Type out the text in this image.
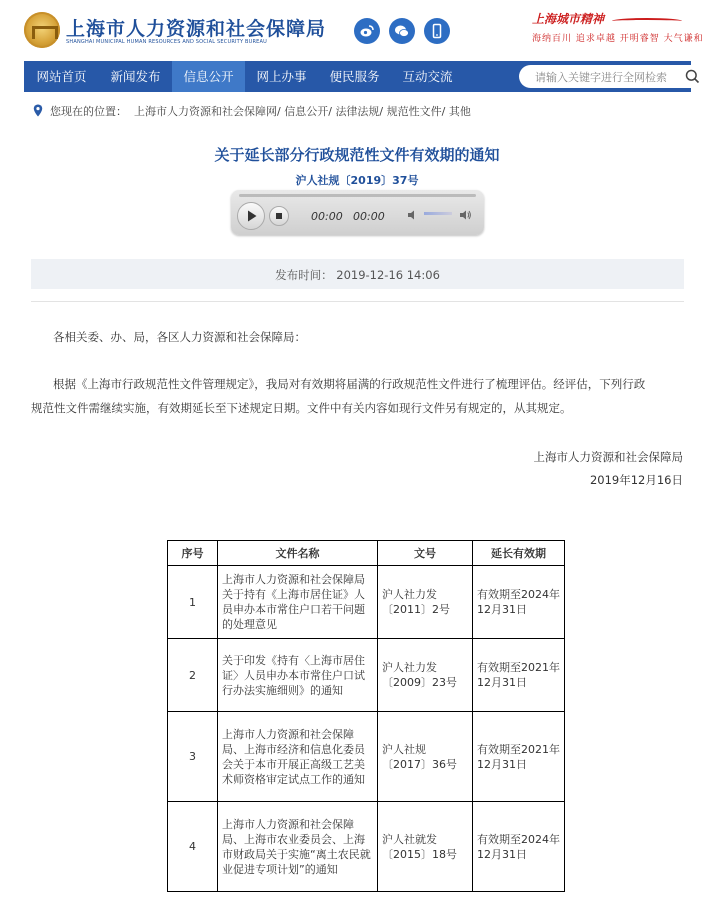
上海市人力资源和社会保障局
SHANGHAI MUNICIPAL HUMAN RESOURCES AND SOCIAL SECURITY BUREAU
上海城市精神
海纳百川 追求卓越 开明睿智 大气谦和
网站首页	新闻发布	信息公开	网上办事	便民服务	互动交流
请输入关键字进行全网检索
您现在的位置： 上海市人力资源和社会保障网/ 信息公开/ 法律法规/ 规范性文件/ 其他
关于延长部分行政规范性文件有效期的通知
沪人社规〔2019〕37号
00:00 00:00
发布时间： 2019-12-16 14:06
各相关委、办、局，各区人力资源和社会保障局：
根据《上海市行政规范性文件管理规定》，我局对有效期将届满的行政规范性文件进行了梳理评估。经评估，下列行政
规范性文件需继续实施，有效期延长至下述规定日期。文件中有关内容如现行文件另有规定的，从其规定。
上海市人力资源和社会保障局
2019年12月16日
序号	文件名称	文号	延长有效期
1	上海市人力资源和社会保障局关于持有《上海市居住证》人员申办本市常住户口若干问题的处理意见	沪人社力发〔2011〕2号	有效期至2024年12月31日
2	关于印发《持有〈上海市居住证〉人员申办本市常住户口试行办法实施细则》的通知	沪人社力发〔2009〕23号	有效期至2021年12月31日
3	上海市人力资源和社会保障局、上海市经济和信息化委员会关于本市开展正高级工艺美术师资格审定试点工作的通知	沪人社规〔2017〕36号	有效期至2021年12月31日
4	上海市人力资源和社会保障局、上海市农业委员会、上海市财政局关于实施“离土农民就业促进专项计划”的通知	沪人社就发〔2015〕18号	有效期至2024年12月31日
